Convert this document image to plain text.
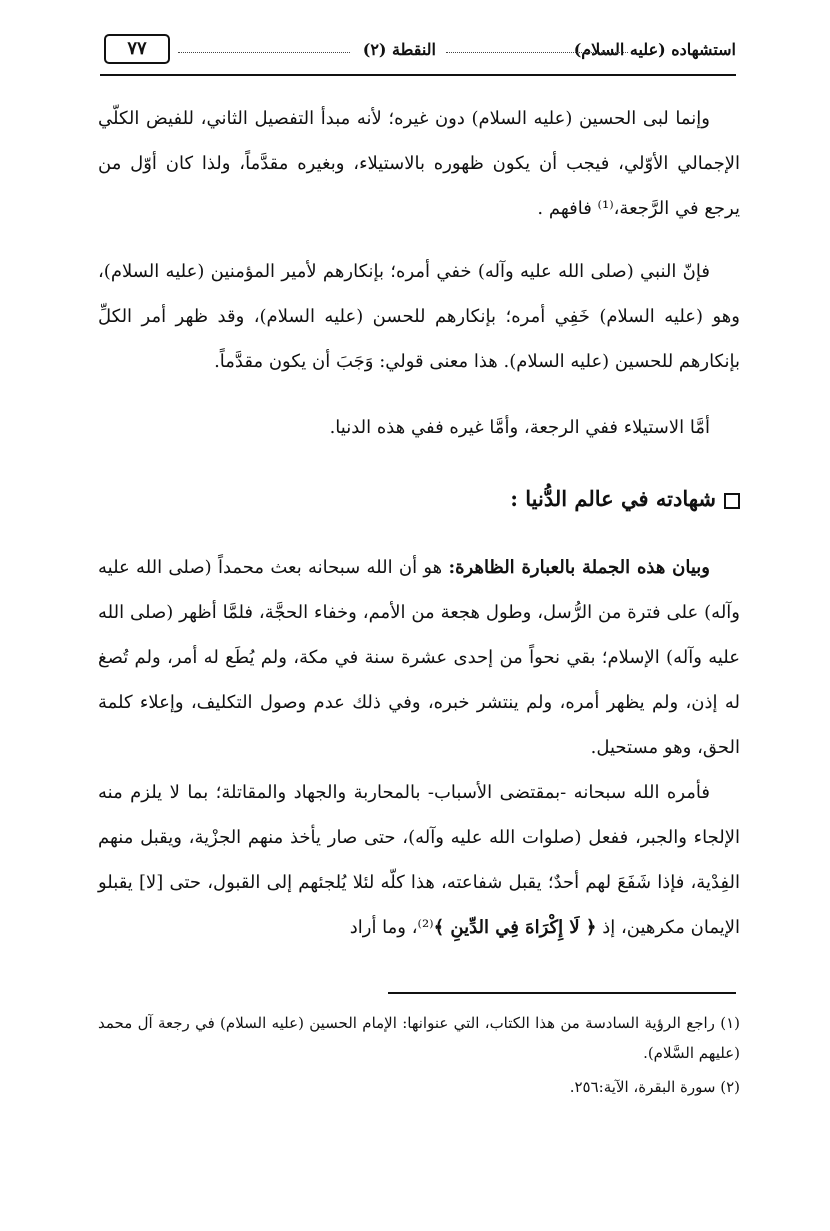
استشهاده (عليه السلام)
النقطة (٢)
٧٧

وإنما لبى الحسين (عليه السلام) دون غيره؛ لأنه مبدأ التفصيل الثاني، للفيض الكلّي الإجمالي الأوّلي، فيجب أن يكون ظهوره بالاستيلاء، وبغيره مقدَّماً، ولذا كان أوّل من يرجع في الرَّجعة،⁽¹⁾ فافهم .

فإنّ النبي (صلى الله عليه وآله) خفي أمره؛ بإنكارهم لأمير المؤمنين (عليه السلام)، وهو (عليه السلام) خَفِي أمره؛ بإنكارهم للحسن (عليه السلام)، وقد ظهر أمر الكلِّ بإنكارهم للحسين (عليه السلام). هذا معنى قولي: وَجَبَ أن يكون مقدَّماً.

أمَّا الاستيلاء ففي الرجعة، وأمَّا غيره ففي هذه الدنيا.

شهادته في عالم الدُّنيا :

وبيان هذه الجملة بالعبارة الظاهرة: هو أن الله سبحانه بعث محمداً (صلى الله عليه وآله) على فترة من الرُّسل، وطول هجعة من الأمم، وخفاء الحجَّة، فلمَّا أظهر (صلى الله عليه وآله) الإسلام؛ بقي نحواً من إحدى عشرة سنة في مكة، ولم يُطَع له أمر، ولم تُصغ له إذن، ولم يظهر أمره، ولم ينتشر خبره، وفي ذلك عدم وصول التكليف، وإعلاء كلمة الحق، وهو مستحيل.

فأمره الله سبحانه -بمقتضى الأسباب- بالمحاربة والجهاد والمقاتلة؛ بما لا يلزم منه الإلجاء والجبر، ففعل (صلوات الله عليه وآله)، حتى صار يأخذ منهم الجزْية، ويقبل منهم الفِدْية، فإذا شَفَعَ لهم أحدٌ؛ يقبل شفاعته، هذا كلّه لئلا يُلجئهم إلى القبول، حتى [لا] يقبلو الإيمان مكرهين، إذ ﴿ لَا إِكْرَاهَ فِي الدِّينِ ﴾⁽²⁾، وما أراد

(١) راجع الرؤية السادسة من هذا الكتاب، التي عنوانها: الإمام الحسين (عليه السلام) في رجعة آل محمد (عليهم السَّلام).
(٢) سورة البقرة، الآية:٢٥٦.
